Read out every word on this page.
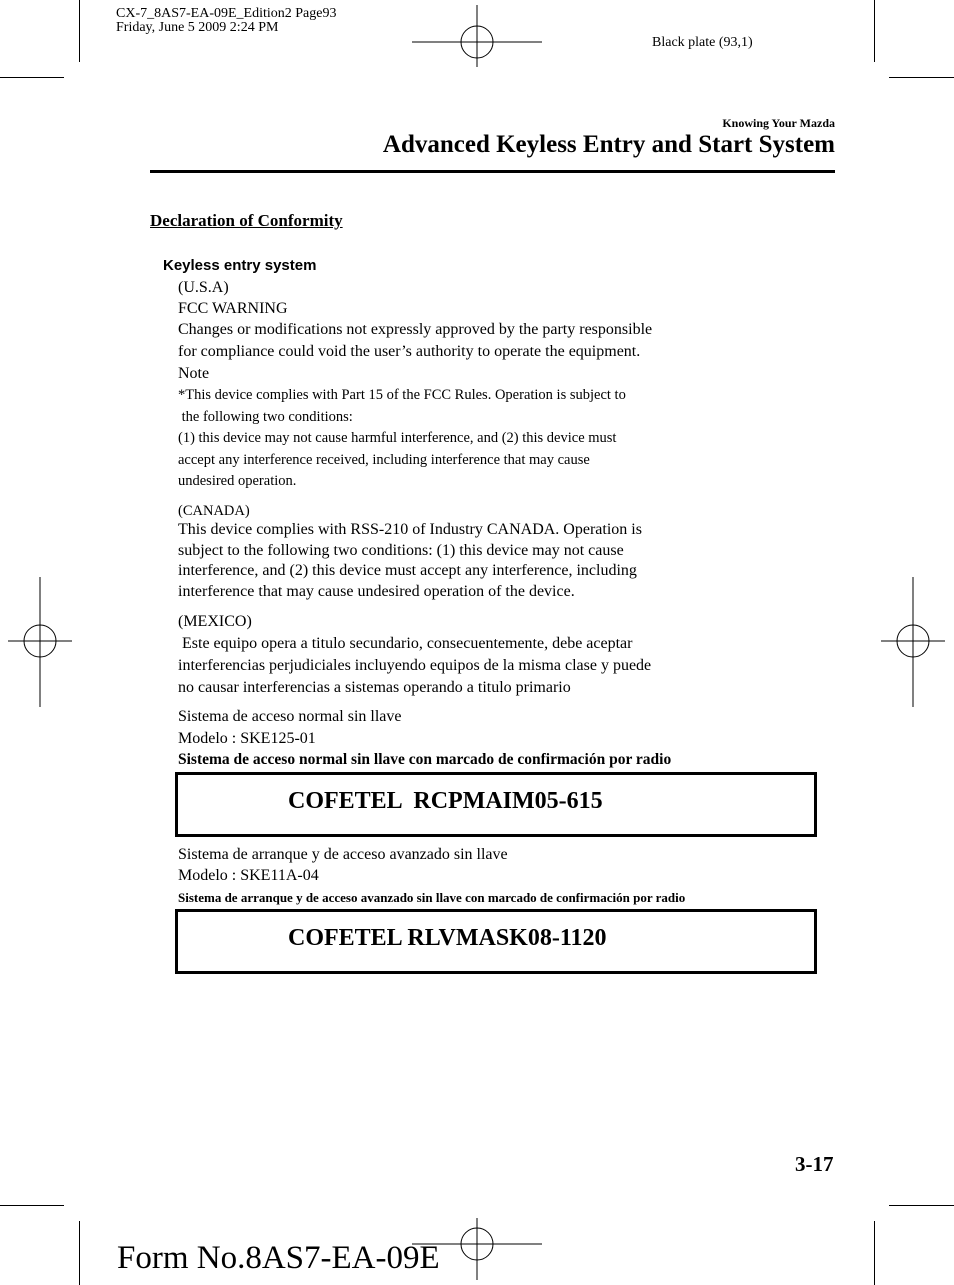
CX-7_8AS7-EA-09E_Edition2 Page93
Friday, June 5 2009 2:24 PM
Black plate (93,1)
Knowing Your Mazda
Advanced Keyless Entry and Start System
Declaration of Conformity
Keyless entry system
(U.S.A)
FCC WARNING
Changes or modifications not expressly approved by the party responsible
for compliance could void the user’s authority to operate the equipment.
Note
*This device complies with Part 15 of the FCC Rules. Operation is subject to
the following two conditions:
(1) this device may not cause harmful interference, and (2) this device must
accept any interference received, including interference that may cause
undesired operation.
(CANADA)
This device complies with RSS-210 of Industry CANADA. Operation is
subject to the following two conditions: (1) this device may not cause
interference, and (2) this device must accept any interference, including
interference that may cause undesired operation of the device.
(MEXICO)
Este equipo opera a titulo secundario, consecuentemente, debe aceptar
interferencias perjudiciales incluyendo equipos de la misma clase y puede
no causar interferencias a sistemas operando a titulo primario
Sistema de acceso normal sin llave
Modelo : SKE125-01
Sistema de acceso normal sin llave con marcado de confirmación por radio
COFETEL  RCPMAIM05-615
Sistema de arranque y de acceso avanzado sin llave
Modelo : SKE11A-04
Sistema de arranque y de acceso avanzado sin llave con marcado de confirmación por radio
COFETEL RLVMASK08-1120
3-17
Form No.8AS7-EA-09E
